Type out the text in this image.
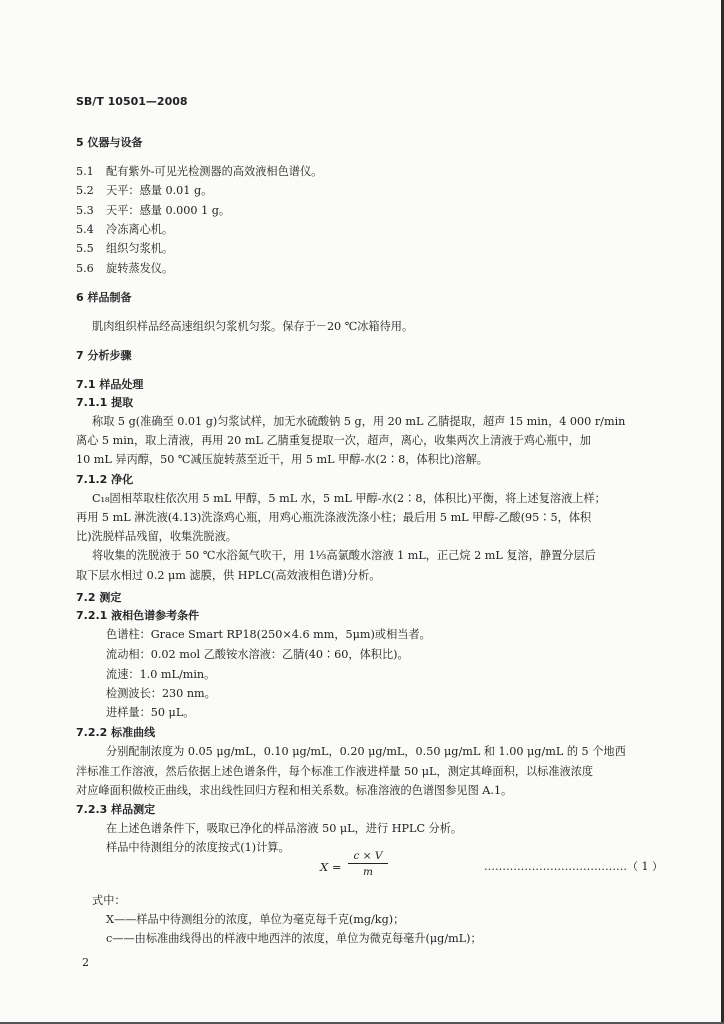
SB/T 10501—2008
5 仪器与设备
5.1 配有紫外-可见光检测器的高效液相色谱仪。
5.2 天平：感量 0.01 g。
5.3 天平：感量 0.000 1 g。
5.4 冷冻离心机。
5.5 组织匀浆机。
5.6 旋转蒸发仪。
6 样品制备
肌肉组织样品经高速组织匀浆机匀浆。保存于－20 ℃冰箱待用。
7 分析步骤
7.1 样品处理
7.1.1 提取
称取 5 g(准确至 0.01 g)匀浆试样，加无水硫酸钠 5 g，用 20 mL 乙腈提取，超声 15 min，4 000 r/min
离心 5 min，取上清液，再用 20 mL 乙腈重复提取一次，超声，离心，收集两次上清液于鸡心瓶中，加
10 mL 异丙醇，50 ℃减压旋转蒸至近干，用 5 mL 甲醇-水(2∶8，体积比)溶解。
7.1.2 净化
C₁₈固相萃取柱依次用 5 mL 甲醇，5 mL 水，5 mL 甲醇-水(2∶8，体积比)平衡，将上述复溶液上样；
再用 5 mL 淋洗液(4.13)洗涤鸡心瓶，用鸡心瓶洗涤液洗涤小柱；最后用 5 mL 甲醇-乙酸(95∶5，体积
比)洗脱样品残留，收集洗脱液。
将收集的洗脱液于 50 ℃水浴氮气吹干，用 1⅓高氯酸水溶液 1 mL，正己烷 2 mL 复溶，静置分层后
取下层水相过 0.2 μm 滤膜，供 HPLC(高效液相色谱)分析。
7.2 测定
7.2.1 液相色谱参考条件
色谱柱：Grace Smart RP18(250×4.6 mm，5μm)或相当者。
流动相：0.02 mol 乙酸铵水溶液：乙腈(40∶60，体积比)。
流速：1.0 mL/min。
检测波长：230 nm。
进样量：50 μL。
7.2.2 标准曲线
分别配制浓度为 0.05 μg/mL，0.10 μg/mL，0.20 μg/mL，0.50 μg/mL 和 1.00 μg/mL 的 5 个地西
泮标准工作溶液，然后依据上述色谱条件，每个标准工作液进样量 50 μL，测定其峰面积，以标准液浓度
对应峰面积做校正曲线，求出线性回归方程和相关系数。标准溶液的色谱图参见图 A.1。
7.2.3 样品测定
在上述色谱条件下，吸取已净化的样品溶液 50 μL，进行 HPLC 分析。
样品中待测组分的浓度按式(1)计算。
$X = \frac{c \times V}{m}$	…………………………………（ 1 ）
式中：
X——样品中待测组分的浓度，单位为毫克每千克(mg/kg)；
c——由标准曲线得出的样液中地西泮的浓度，单位为微克每毫升(μg/mL)；
2
